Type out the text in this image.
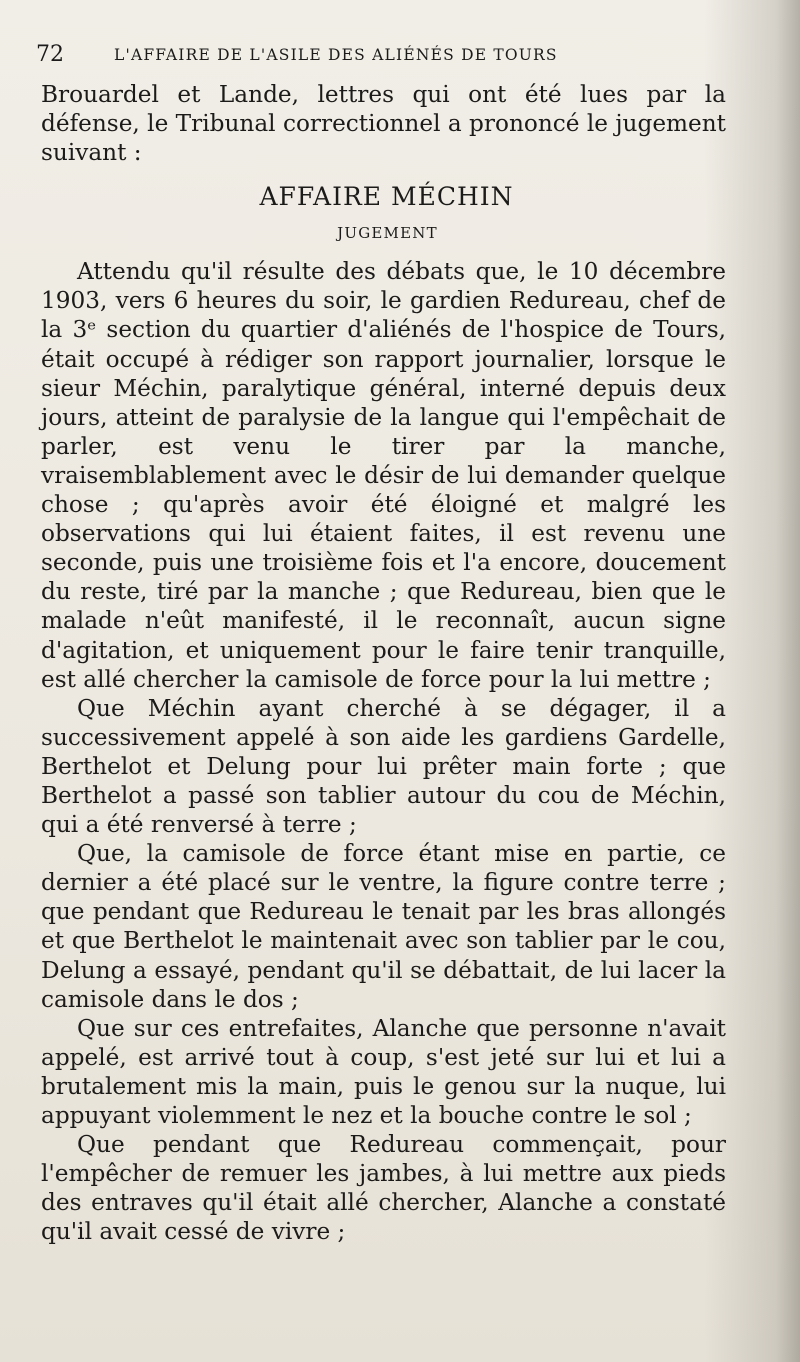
72	L'AFFAIRE DE L'ASILE DES ALIÉNÉS DE TOURS

Brouardel et Lande, lettres qui ont été lues par la défense, le Tribunal correctionnel a prononcé le jugement suivant :

AFFAIRE MÉCHIN

JUGEMENT

Attendu qu'il résulte des débats que, le 10 décembre 1903, vers 6 heures du soir, le gardien Redureau, chef de la 3ᵉ section du quartier d'aliénés de l'hospice de Tours, était occupé à rédiger son rapport journalier, lorsque le sieur Méchin, paralytique général, interné depuis deux jours, atteint de paralysie de la langue qui l'empêchait de parler, est venu le tirer par la manche, vraisemblablement avec le désir de lui demander quelque chose ; qu'après avoir été éloigné et malgré les observations qui lui étaient faites, il est revenu une seconde, puis une troisième fois et l'a encore, doucement du reste, tiré par la manche ; que Redureau, bien que le malade n'eût manifesté, il le reconnaît, aucun signe d'agitation, et uniquement pour le faire tenir tranquille, est allé chercher la camisole de force pour la lui mettre ;

Que Méchin ayant cherché à se dégager, il a successivement appelé à son aide les gardiens Gardelle, Berthelot et Delung pour lui prêter main forte ; que Berthelot a passé son tablier autour du cou de Méchin, qui a été renversé à terre ;

Que, la camisole de force étant mise en partie, ce dernier a été placé sur le ventre, la figure contre terre ; que pendant que Redureau le tenait par les bras allongés et que Berthelot le maintenait avec son tablier par le cou, Delung a essayé, pendant qu'il se débattait, de lui lacer la camisole dans le dos ;

Que sur ces entrefaites, Alanche que personne n'avait appelé, est arrivé tout à coup, s'est jeté sur lui et lui a brutalement mis la main, puis le genou sur la nuque, lui appuyant violemment le nez et la bouche contre le sol ;

Que pendant que Redureau commençait, pour l'empêcher de remuer les jambes, à lui mettre aux pieds des entraves qu'il était allé chercher, Alanche a constaté qu'il avait cessé de vivre ;
